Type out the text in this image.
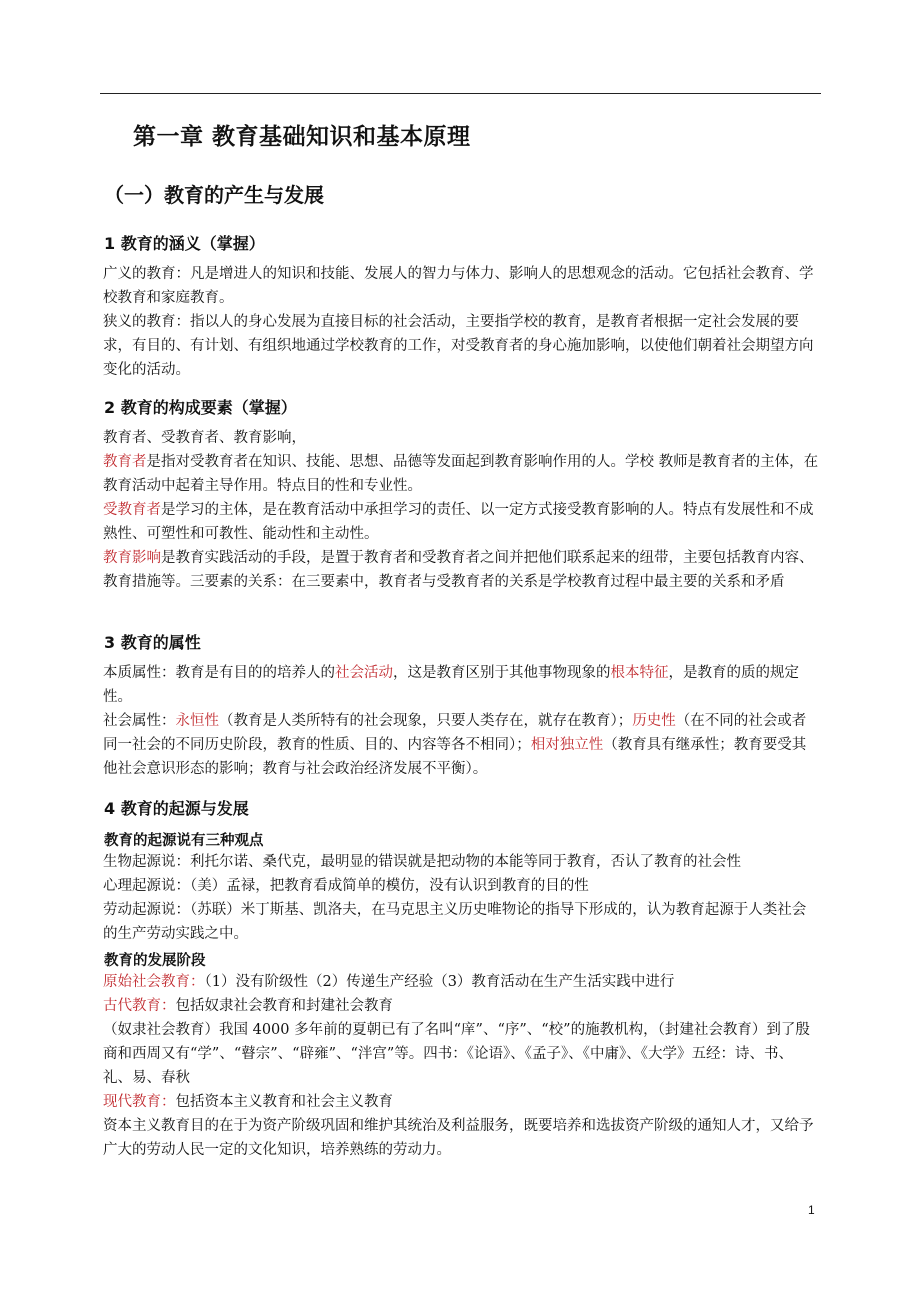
第一章 教育基础知识和基本原理
（一）教育的产生与发展
1 教育的涵义（掌握）
广义的教育：凡是增进人的知识和技能、发展人的智力与体力、影响人的思想观念的活动。它包括社会教育、学校教育和家庭教育。
狭义的教育：指以人的身心发展为直接目标的社会活动，主要指学校的教育，是教育者根据一定社会发展的要求，有目的、有计划、有组织地通过学校教育的工作，对受教育者的身心施加影响，以使他们朝着社会期望方向变化的活动。
2 教育的构成要素（掌握）
教育者、受教育者、教育影响，
教育者是指对受教育者在知识、技能、思想、品德等发面起到教育影响作用的人。学校 教师是教育者的主体，在 教育活动中起着主导作用。特点目的性和专业性。
受教育者是学习的主体，是在教育活动中承担学习的责任、以一定方式接受教育影响的人。特点有发展性和不成熟性、可塑性和可教性、能动性和主动性。
教育影响是教育实践活动的手段，是置于教育者和受教育者之间并把他们联系起来的纽带，主要包括教育内容、教育措施等。三要素的关系：在三要素中，教育者与受教育者的关系是学校教育过程中最主要的关系和矛盾
3 教育的属性
本质属性：教育是有目的的培养人的社会活动，这是教育区别于其他事物现象的根本特征，是教育的质的规定性。
社会属性：永恒性（教育是人类所特有的社会现象，只要人类存在，就存在教育）；历史性（在不同的社会或者同一社会的不同历史阶段，教育的性质、目的、内容等各不相同）；相对独立性（教育具有继承性；教育要受其他社会意识形态的影响；教育与社会政治经济发展不平衡）。
4 教育的起源与发展
教育的起源说有三种观点
生物起源说：利托尔诺、桑代克，最明显的错误就是把动物的本能等同于教育，否认了教育的社会性
心理起源说：（美）孟禄，把教育看成简单的模仿，没有认识到教育的目的性
劳动起源说：（苏联）米丁斯基、凯洛夫，在马克思主义历史唯物论的指导下形成的，认为教育起源于人类社会的生产劳动实践之中。
教育的发展阶段
原始社会教育：（1）没有阶级性（2）传递生产经验（3）教育活动在生产生活实践中进行
古代教育：包括奴隶社会教育和封建社会教育
（奴隶社会教育）我国 4000 多年前的夏朝已有了名叫“庠”、“序”、“校”的施教机构，（封建社会教育）到了殷商和西周又有“学”、“瞽宗”、“辟雍”、“泮宫”等。四书：《论语》、《孟子》、《中庸》、《大学》五经：诗、书、礼、易、春秋
现代教育：包括资本主义教育和社会主义教育
资本主义教育目的在于为资产阶级巩固和维护其统治及利益服务，既要培养和选拔资产阶级的通知人才，又给予广大的劳动人民一定的文化知识，培养熟练的劳动力。
1
